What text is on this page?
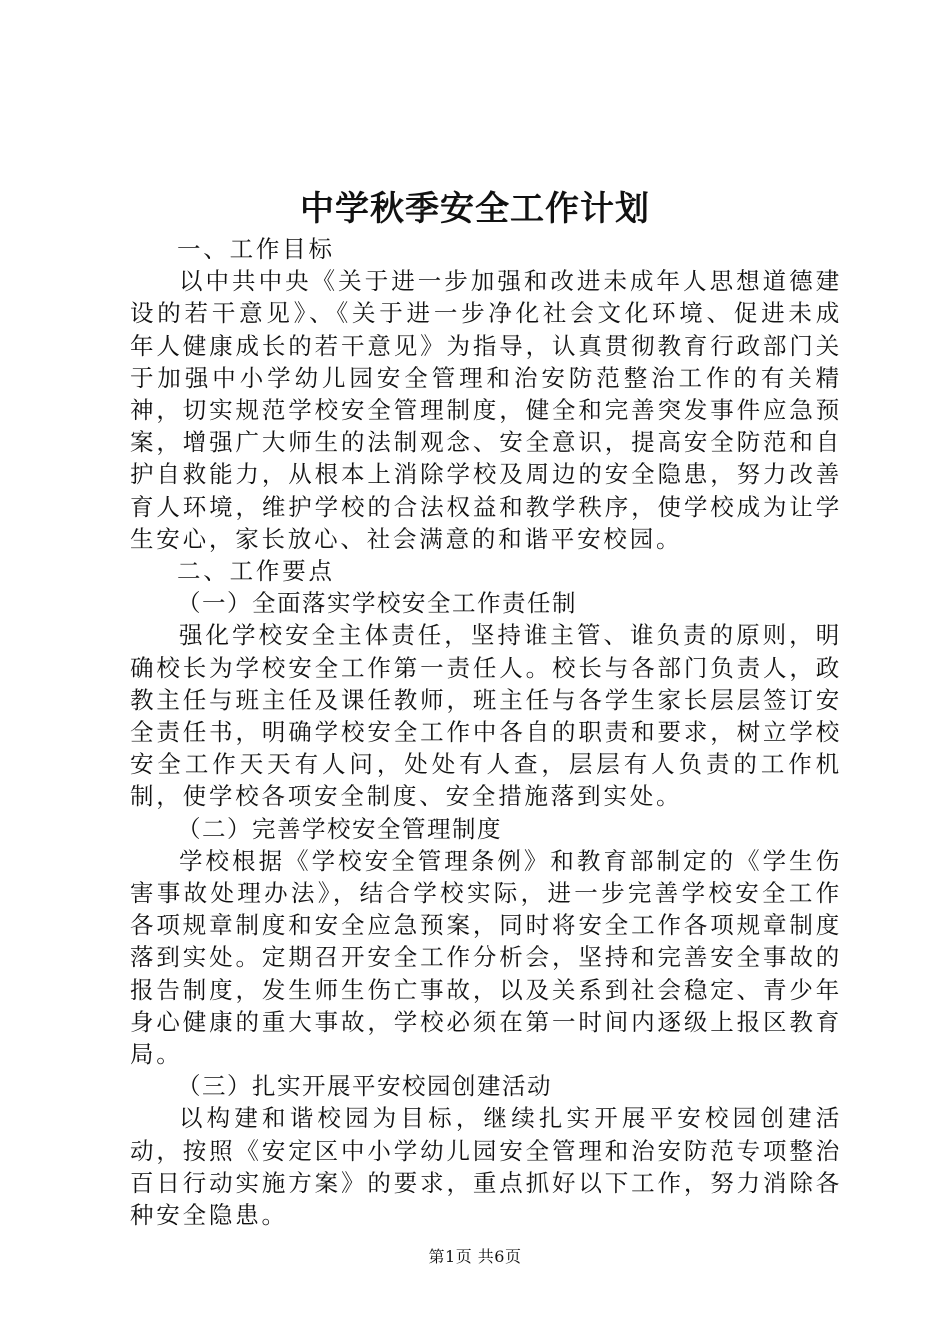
中学秋季安全工作计划

一、工作目标

以中共中央《关于进一步加强和改进未成年人思想道德建设的若干意见》、《关于进一步净化社会文化环境、促进未成年人健康成长的若干意见》为指导，认真贯彻教育行政部门关于加强中小学幼儿园安全管理和治安防范整治工作的有关精神，切实规范学校安全管理制度，健全和完善突发事件应急预案，增强广大师生的法制观念、安全意识，提高安全防范和自护自救能力，从根本上消除学校及周边的安全隐患，努力改善育人环境，维护学校的合法权益和教学秩序，使学校成为让学生安心，家长放心、社会满意的和谐平安校园。

二、工作要点

（一）全面落实学校安全工作责任制

强化学校安全主体责任，坚持谁主管、谁负责的原则，明确校长为学校安全工作第一责任人。校长与各部门负责人，政教主任与班主任及课任教师，班主任与各学生家长层层签订安全责任书，明确学校安全工作中各自的职责和要求，树立学校安全工作天天有人问，处处有人查，层层有人负责的工作机制，使学校各项安全制度、安全措施落到实处。

（二）完善学校安全管理制度

学校根据《学校安全管理条例》和教育部制定的《学生伤害事故处理办法》，结合学校实际，进一步完善学校安全工作各项规章制度和安全应急预案，同时将安全工作各项规章制度落到实处。定期召开安全工作分析会，坚持和完善安全事故的报告制度，发生师生伤亡事故，以及关系到社会稳定、青少年身心健康的重大事故，学校必须在第一时间内逐级上报区教育局。

（三）扎实开展平安校园创建活动

以构建和谐校园为目标，继续扎实开展平安校园创建活动，按照《安定区中小学幼儿园安全管理和治安防范专项整治百日行动实施方案》的要求，重点抓好以下工作，努力消除各种安全隐患。

第1页 共6页
